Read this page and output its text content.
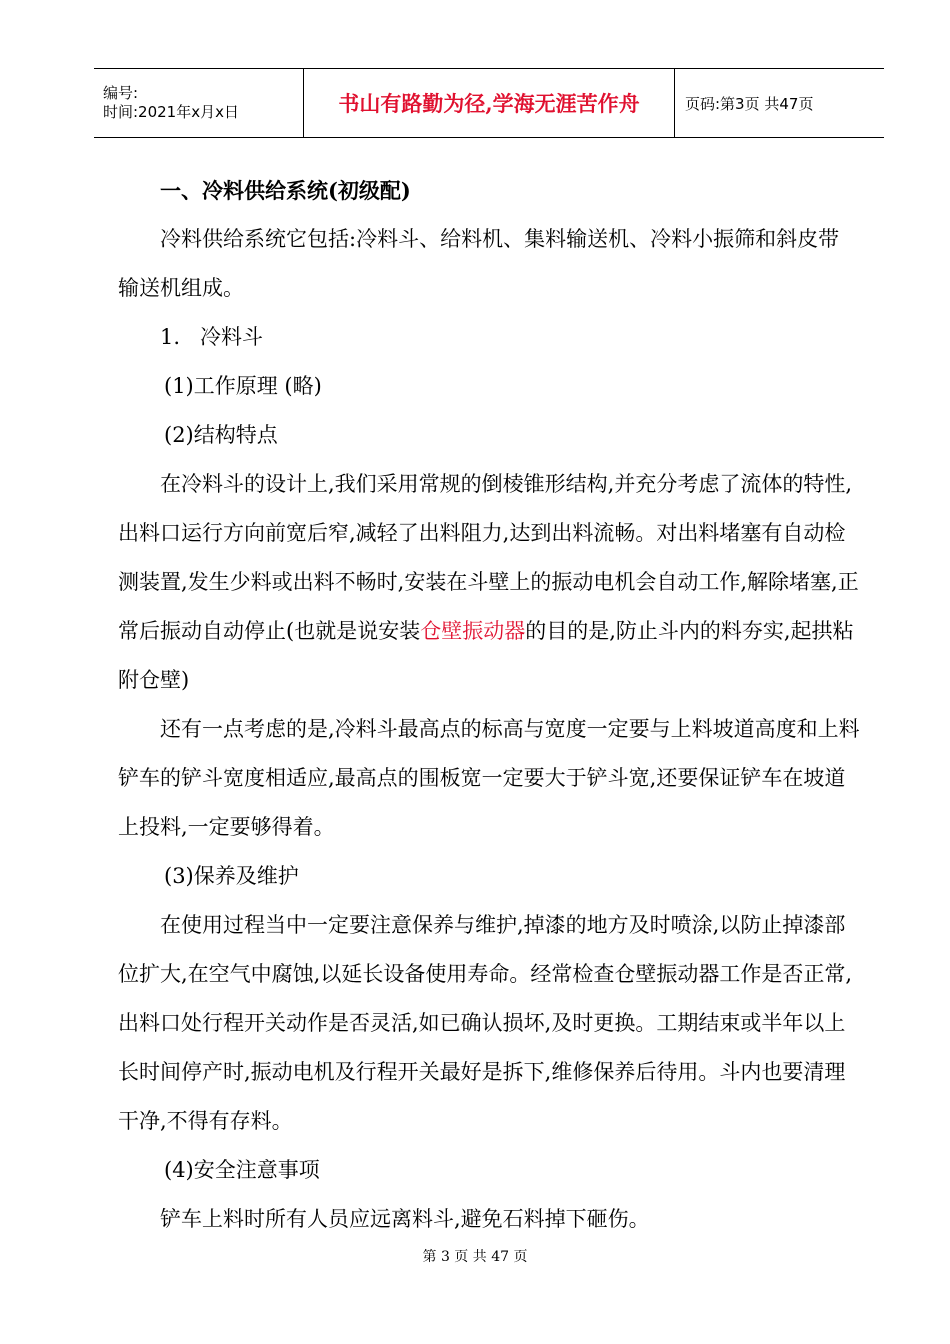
编号:
时间:2021年x月x日	书山有路勤为径,学海无涯苦作舟	页码:第3页 共47页

一、冷料供给系统(初级配)

冷料供给系统它包括:冷料斗、给料机、集料输送机、冷料小振筛和斜皮带输送机组成。

1.   冷料斗

(1)工作原理 (略)

(2)结构特点

在冷料斗的设计上,我们采用常规的倒棱锥形结构,并充分考虑了流体的特性,出料口运行方向前宽后窄,减轻了出料阻力,达到出料流畅。对出料堵塞有自动检测装置,发生少料或出料不畅时,安装在斗壁上的振动电机会自动工作,解除堵塞,正常后振动自动停止(也就是说安装仓壁振动器的目的是,防止斗内的料夯实,起拱粘附仓壁)

还有一点考虑的是,冷料斗最高点的标高与宽度一定要与上料坡道高度和上料铲车的铲斗宽度相适应,最高点的围板宽一定要大于铲斗宽,还要保证铲车在坡道上投料,一定要够得着。

(3)保养及维护

在使用过程当中一定要注意保养与维护,掉漆的地方及时喷涂,以防止掉漆部位扩大,在空气中腐蚀,以延长设备使用寿命。经常检查仓壁振动器工作是否正常,出料口处行程开关动作是否灵活,如已确认损坏,及时更换。工期结束或半年以上长时间停产时,振动电机及行程开关最好是拆下,维修保养后待用。斗内也要清理干净,不得有存料。

(4)安全注意事项

铲车上料时所有人员应远离料斗,避免石料掉下砸伤。

第 3 页 共 47 页
